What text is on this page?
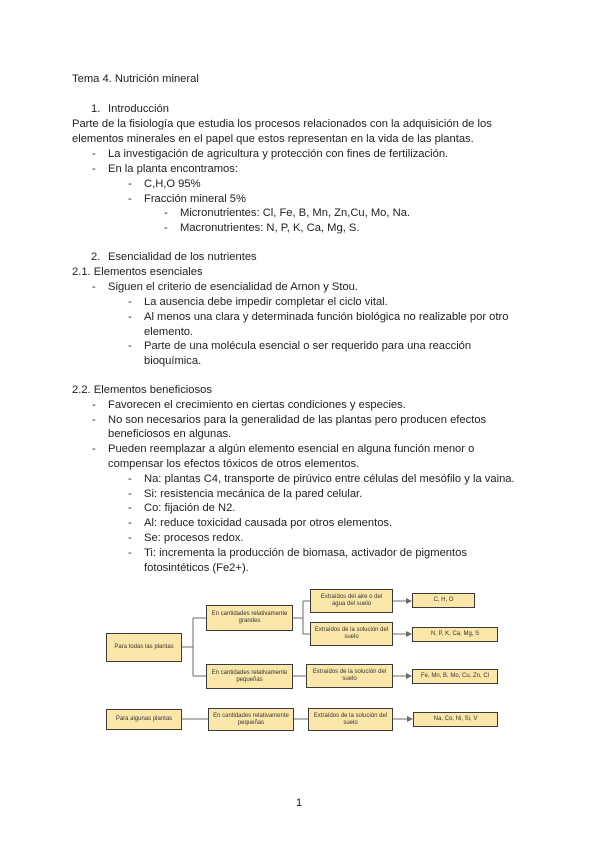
Tema 4. Nutrición mineral
1. Introducción
Parte de la fisiología que estudia los procesos relacionados con la adquisición de los
elementos minerales en el papel que estos representan en la vida de las plantas.
- La investigación de agricultura y protección con fines de fertilización.
- En la planta encontramos:
- C,H,O 95%
- Fracción mineral 5%
- Micronutrientes: Cl, Fe, B, Mn, Zn,Cu, Mo, Na.
- Macronutrientes: N, P, K, Ca, Mg, S.
2. Esencialidad de los nutrientes
2.1. Elementos esenciales
- Siguen el criterio de esencialidad de Arnon y Stou.
- La ausencia debe impedir completar el ciclo vital.
- Al menos una clara y determinada función biológica no realizable por otro
elemento.
- Parte de una molécula esencial o ser requerido para una reacción
bioquímica.
2.2. Elementos beneficiosos
- Favorecen el crecimiento en ciertas condiciones y especies.
- No son necesarios para la generalidad de las plantas pero producen efectos
beneficiosos en algunas.
- Pueden reemplazar a algún elemento esencial en alguna función menor o
compensar los efectos tóxicos de otros elementos.
- Na: plantas C4, transporte de pirúvico entre células del mesófilo y la vaina.
- Si: resistencia mecánica de la pared celular.
- Co: fijación de N2.
- Al: reduce toxicidad causada por otros elementos.
- Se: procesos redox.
- Ti: incrementa la producción de biomasa, activador de pigmentos
fotosintéticos (Fe2+).
Para todas las plantas
En cantidades relativamente grandes
En cantidades relativamente pequeñas
Extraídos del aire o del agua del suelo
Extraídos de la solución del suelo
Extraídos de la solución del suelo
C, H, O
N, P, K, Ca, Mg, S
Fe, Mn, B, Mo, Cu, Zn, Cl
Para algunas plantas
En cantidades relativamente pequeñas
Extraídos de la solución del suelo
Na, Co, Ni, Si, V
1
